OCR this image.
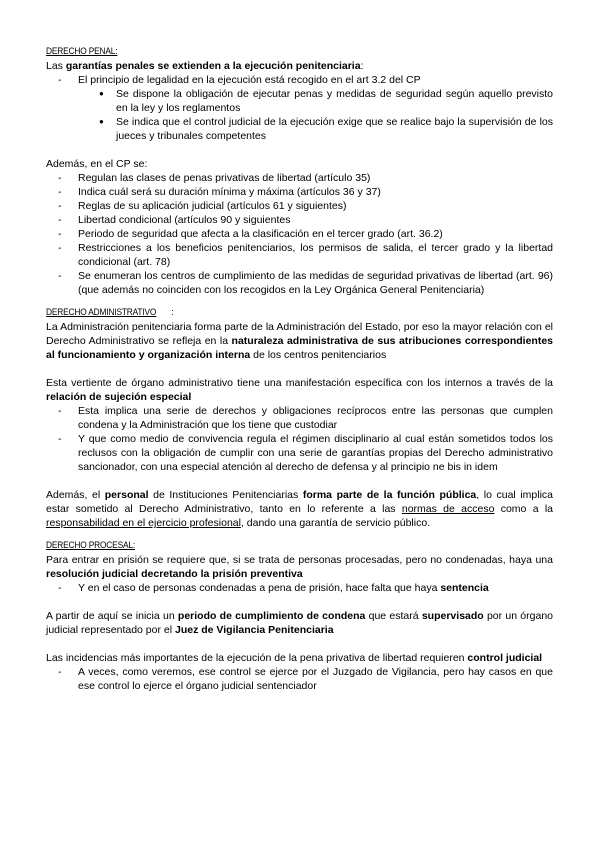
DERECHO PENAL:

Las garantías penales se extienden a la ejecución penitenciaria:

- El principio de legalidad en la ejecución está recogido en el art 3.2 del CP
● Se dispone la obligación de ejecutar penas y medidas de seguridad según aquello previsto en la ley y los reglamentos
● Se indica que el control judicial de la ejecución exige que se realice bajo la supervisión de los jueces y tribunales competentes

Además, en el CP se:

- Regulan las clases de penas privativas de libertad (artículo 35)
- Indica cuál será su duración mínima y máxima (artículos 36 y 37)
- Reglas de su aplicación judicial (artículos 61 y siguientes)
- Libertad condicional (artículos 90 y siguientes
- Periodo de seguridad que afecta a la clasificación en el tercer grado (art. 36.2)
- Restricciones a los beneficios penitenciarios, los permisos de salida, el tercer grado y la libertad condicional (art. 78)
- Se enumeran los centros de cumplimiento de las medidas de seguridad privativas de libertad (art. 96) (que además no coinciden con los recogidos en la Ley Orgánica General Penitenciaria)
DERECHO ADMINISTRATIVO :

La Administración penitenciaria forma parte de la Administración del Estado, por eso la mayor relación con el Derecho Administrativo se refleja en la naturaleza administrativa de sus atribuciones correspondientes al funcionamiento y organización interna de los centros penitenciarios

Esta vertiente de órgano administrativo tiene una manifestación específica con los internos a través de la relación de sujeción especial

- Esta implica una serie de derechos y obligaciones recíprocos entre las personas que cumplen condena y la Administración que los tiene que custodiar
- Y que como medio de convivencia regula el régimen disciplinario al cual están sometidos todos los reclusos con la obligación de cumplir con una serie de garantías propias del Derecho administrativo sancionador, con una especial atención al derecho de defensa y al principio ne bis in idem

Además, el personal de Instituciones Penitenciarias forma parte de la función pública, lo cual implica estar sometido al Derecho Administrativo, tanto en lo referente a las normas de acceso como a la responsabilidad en el ejercicio profesional, dando una garantía de servicio público.

DERECHO PROCESAL:

Para entrar en prisión se requiere que, si se trata de personas procesadas, pero no condenadas, haya una resolución judicial decretando la prisión preventiva

- Y en el caso de personas condenadas a pena de prisión, hace falta que haya sentencia

A partir de aquí se inicia un periodo de cumplimiento de condena que estará supervisado por un órgano judicial representado por el Juez de Vigilancia Penitenciaria

Las incidencias más importantes de la ejecución de la pena privativa de libertad requieren control judicial

- A veces, como veremos, ese control se ejerce por el Juzgado de Vigilancia, pero hay casos en que ese control lo ejerce el órgano judicial sentenciador
